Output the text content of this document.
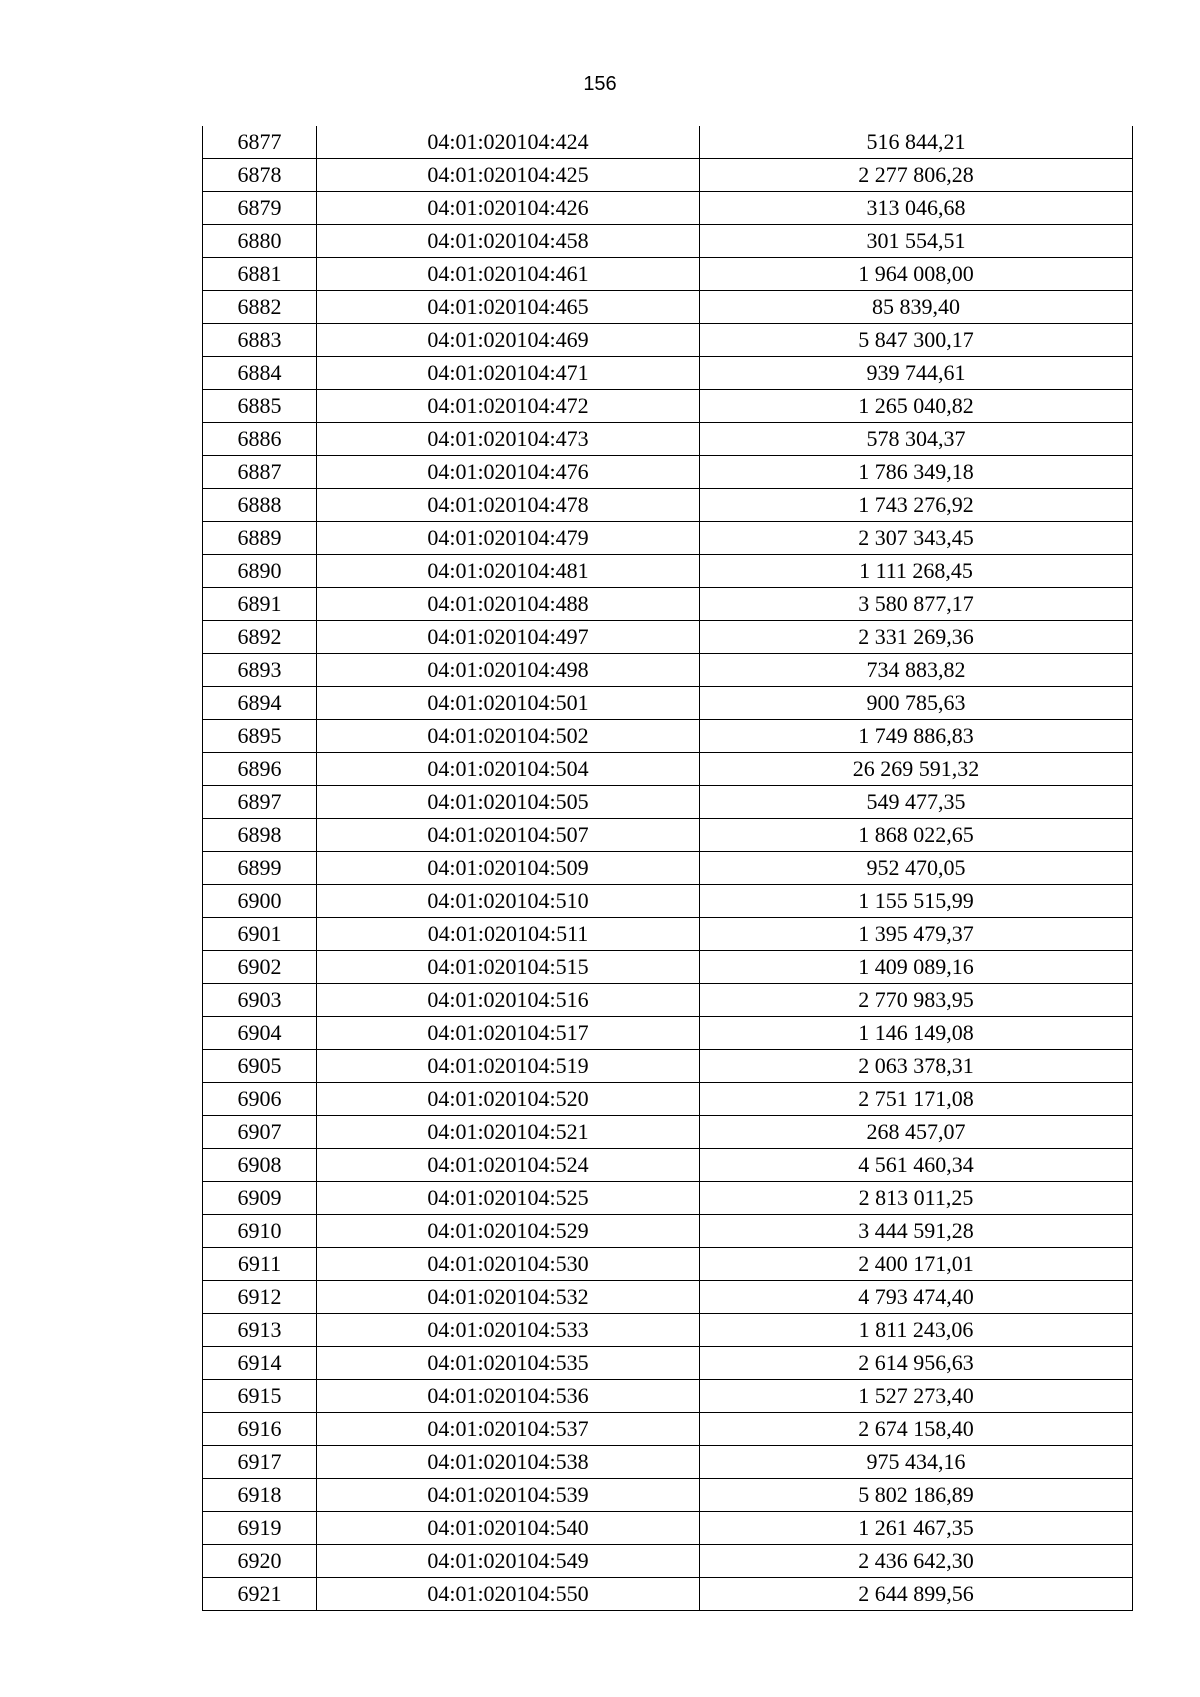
156
6877	04:01:020104:424	516 844,21
6878	04:01:020104:425	2 277 806,28
6879	04:01:020104:426	313 046,68
6880	04:01:020104:458	301 554,51
6881	04:01:020104:461	1 964 008,00
6882	04:01:020104:465	85 839,40
6883	04:01:020104:469	5 847 300,17
6884	04:01:020104:471	939 744,61
6885	04:01:020104:472	1 265 040,82
6886	04:01:020104:473	578 304,37
6887	04:01:020104:476	1 786 349,18
6888	04:01:020104:478	1 743 276,92
6889	04:01:020104:479	2 307 343,45
6890	04:01:020104:481	1 111 268,45
6891	04:01:020104:488	3 580 877,17
6892	04:01:020104:497	2 331 269,36
6893	04:01:020104:498	734 883,82
6894	04:01:020104:501	900 785,63
6895	04:01:020104:502	1 749 886,83
6896	04:01:020104:504	26 269 591,32
6897	04:01:020104:505	549 477,35
6898	04:01:020104:507	1 868 022,65
6899	04:01:020104:509	952 470,05
6900	04:01:020104:510	1 155 515,99
6901	04:01:020104:511	1 395 479,37
6902	04:01:020104:515	1 409 089,16
6903	04:01:020104:516	2 770 983,95
6904	04:01:020104:517	1 146 149,08
6905	04:01:020104:519	2 063 378,31
6906	04:01:020104:520	2 751 171,08
6907	04:01:020104:521	268 457,07
6908	04:01:020104:524	4 561 460,34
6909	04:01:020104:525	2 813 011,25
6910	04:01:020104:529	3 444 591,28
6911	04:01:020104:530	2 400 171,01
6912	04:01:020104:532	4 793 474,40
6913	04:01:020104:533	1 811 243,06
6914	04:01:020104:535	2 614 956,63
6915	04:01:020104:536	1 527 273,40
6916	04:01:020104:537	2 674 158,40
6917	04:01:020104:538	975 434,16
6918	04:01:020104:539	5 802 186,89
6919	04:01:020104:540	1 261 467,35
6920	04:01:020104:549	2 436 642,30
6921	04:01:020104:550	2 644 899,56
